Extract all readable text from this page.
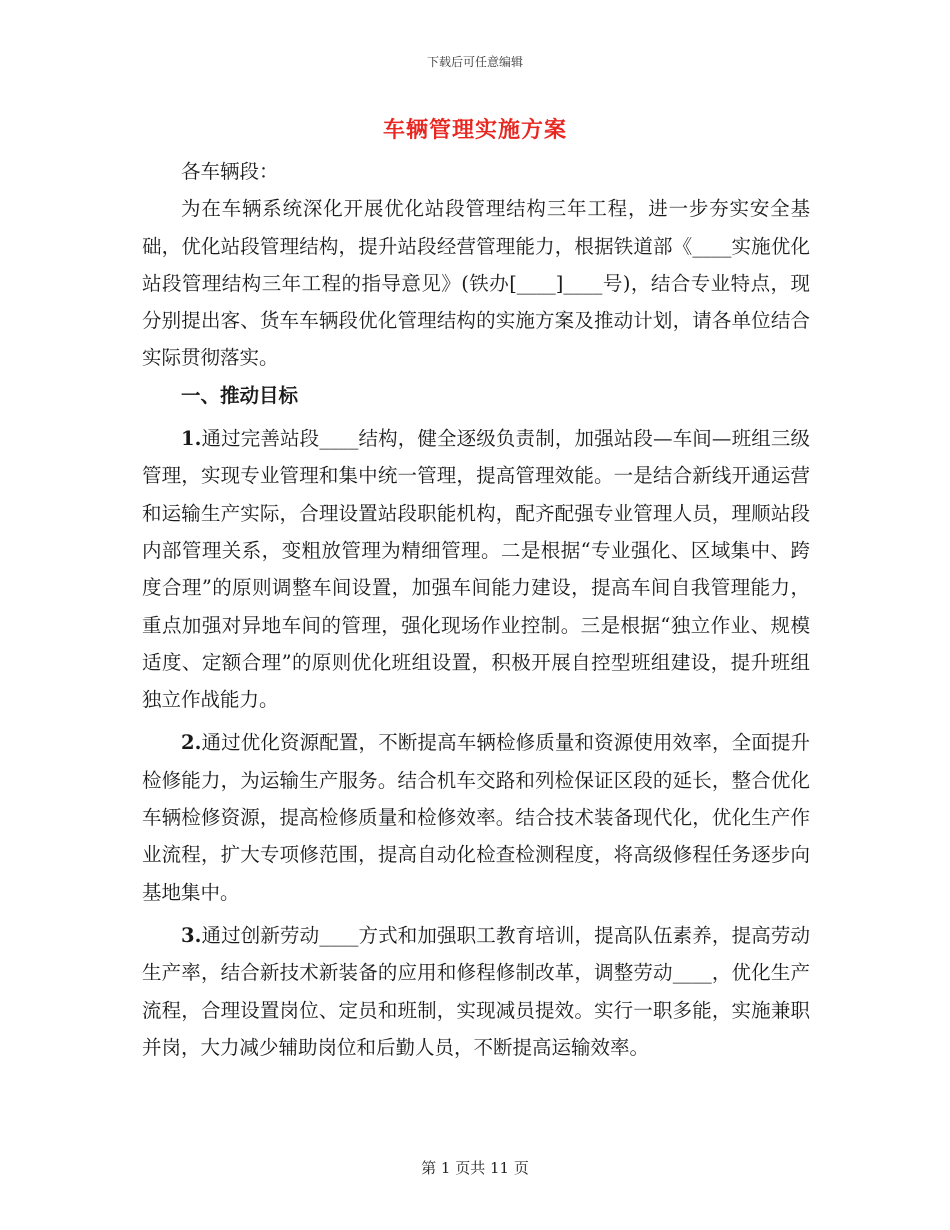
下载后可任意编辑
车辆管理实施方案

各车辆段：

为在车辆系统深化开展优化站段管理结构三年工程，进一步夯实安全基础，优化站段管理结构，提升站段经营管理能力，根据铁道部《____实施优化站段管理结构三年工程的指导意见》(铁办[____]____号)，结合专业特点，现分别提出客、货车车辆段优化管理结构的实施方案及推动计划，请各单位结合实际贯彻落实。

一、推动目标

1.通过完善站段____结构，健全逐级负责制，加强站段—车间—班组三级管理，实现专业管理和集中统一管理，提高管理效能。一是结合新线开通运营和运输生产实际，合理设置站段职能机构，配齐配强专业管理人员，理顺站段内部管理关系，变粗放管理为精细管理。二是根据“专业强化、区域集中、跨度合理”的原则调整车间设置，加强车间能力建设，提高车间自我管理能力，重点加强对异地车间的管理，强化现场作业控制。三是根据“独立作业、规模适度、定额合理”的原则优化班组设置，积极开展自控型班组建设，提升班组独立作战能力。

2.通过优化资源配置，不断提高车辆检修质量和资源使用效率，全面提升检修能力，为运输生产服务。结合机车交路和列检保证区段的延长，整合优化车辆检修资源，提高检修质量和检修效率。结合技术装备现代化，优化生产作业流程，扩大专项修范围，提高自动化检查检测程度，将高级修程任务逐步向基地集中。

3.通过创新劳动____方式和加强职工教育培训，提高队伍素养，提高劳动生产率，结合新技术新装备的应用和修程修制改革，调整劳动____，优化生产流程，合理设置岗位、定员和班制，实现减员提效。实行一职多能，实施兼职并岗，大力减少辅助岗位和后勤人员，不断提高运输效率。

第 1 页共 11 页
